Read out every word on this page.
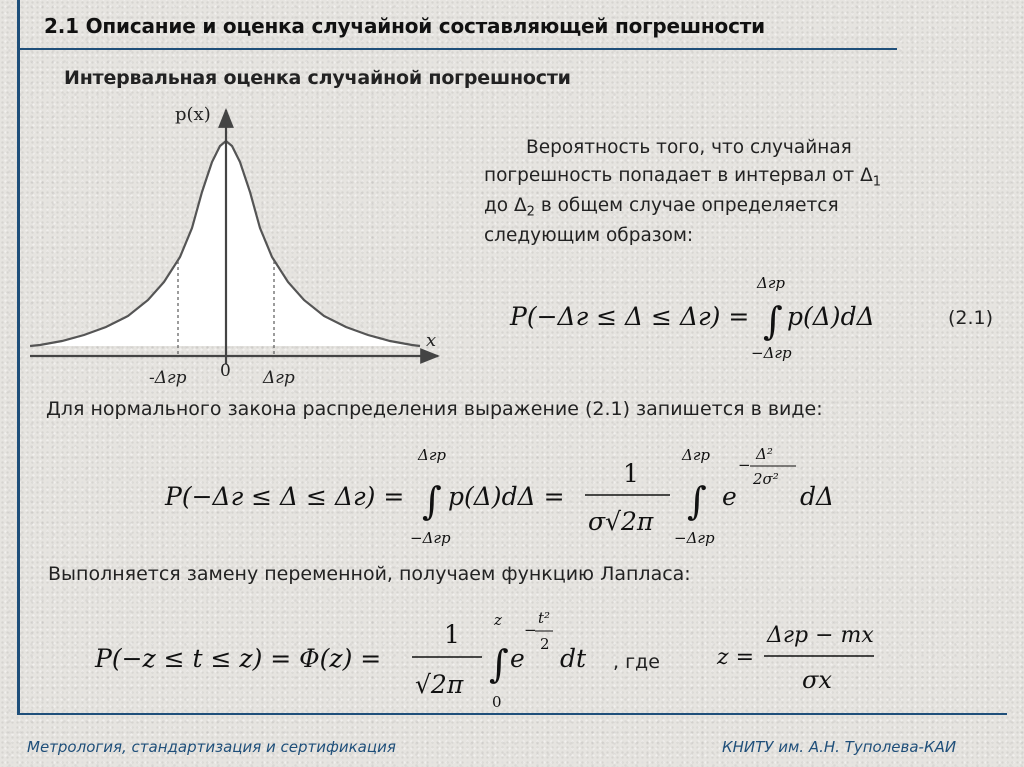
2.1 Описание и оценка случайной составляющей погрешности
Интервальная оценка случайной погрешности
p(x)
x
0
-Δгр	Δгр
Вероятность того, что случайная
погрешность попадает в интервал от $\Delta_1$
до $\Delta_2$ в общем случае определяется
следующим образом:
P(−Δг ≤ Δ ≤ Δг) = ∫
Δгр
−Δгр
p(Δ)dΔ	(2.1)
Для нормального закона распределения выражение (2.1) запишется в виде:
P(−Δг ≤ Δ ≤ Δг) = ∫
Δгр
−Δгр
p(Δ)dΔ =
1
σ√2π ∫
Δгр
−Δгр
e
−
Δ²
2σ²
dΔ
Выполняется замену переменной, получаем функцию Лапласа:
P(−z ≤ t ≤ z) = Φ(z) =
1
√2π ∫
z
0
e
−
t²
2 dt , где	z =
Δгр − mx
σx
Метрология, стандартизация и сертификация	КНИТУ им. А.Н. Туполева-КАИ
